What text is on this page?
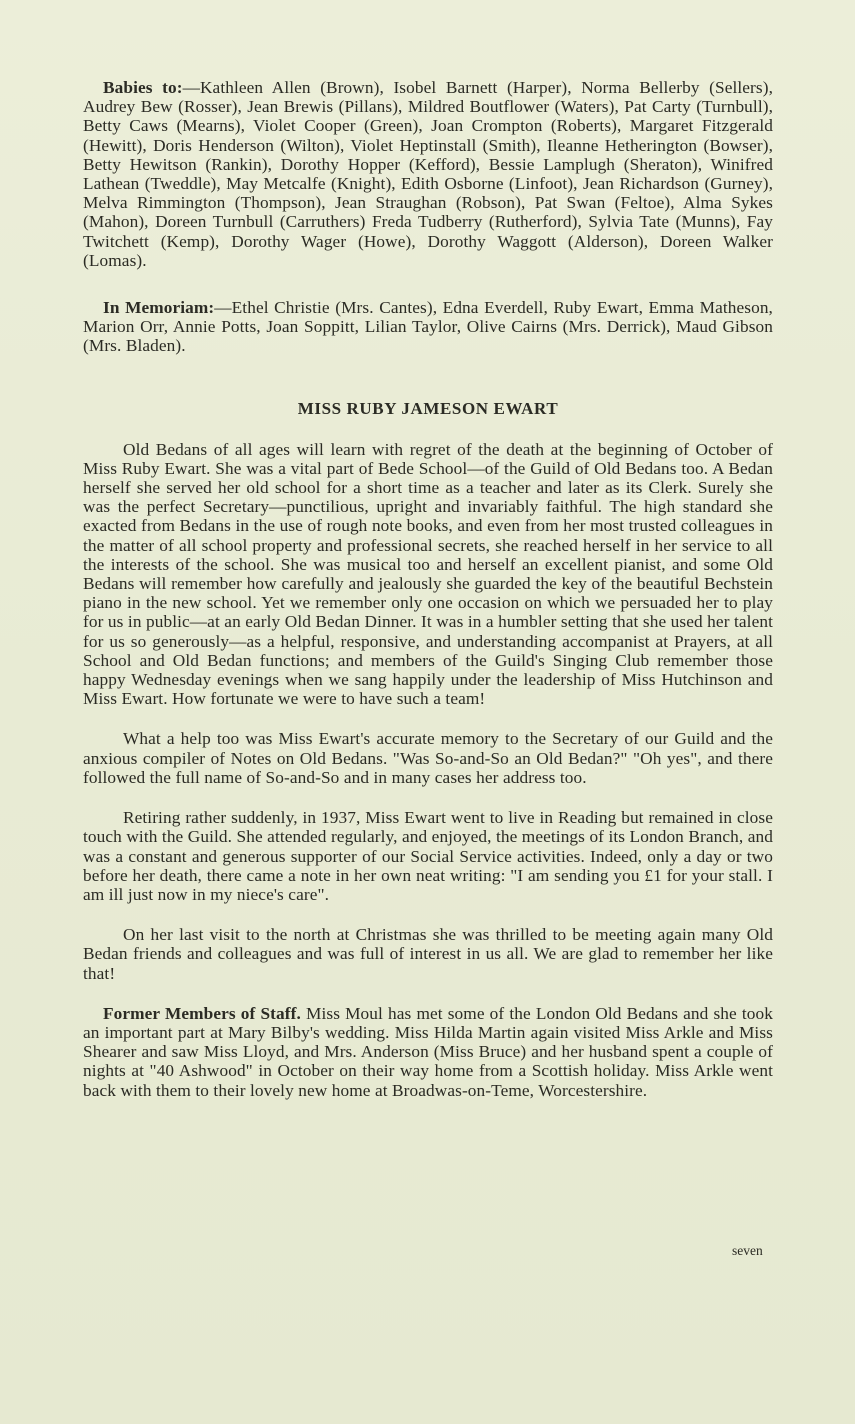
Babies to:—Kathleen Allen (Brown), Isobel Barnett (Harper), Norma Bellerby (Sellers), Audrey Bew (Rosser), Jean Brewis (Pillans), Mildred Boutflower (Waters), Pat Carty (Turnbull), Betty Caws (Mearns), Violet Cooper (Green), Joan Crompton (Roberts), Margaret Fitzgerald (Hewitt), Doris Henderson (Wilton), Violet Heptinstall (Smith), Ileanne Hetherington (Bowser), Betty Hewitson (Rankin), Dorothy Hopper (Kefford), Bessie Lamplugh (Sheraton), Winifred Lathean (Tweddle), May Metcalfe (Knight), Edith Osborne (Linfoot), Jean Richardson (Gurney), Melva Rimmington (Thompson), Jean Straughan (Robson), Pat Swan (Feltoe), Alma Sykes (Mahon), Doreen Turnbull (Carruthers) Freda Tudberry (Rutherford), Sylvia Tate (Munns), Fay Twitchett (Kemp), Dorothy Wager (Howe), Dorothy Waggott (Alderson), Doreen Walker (Lomas).

In Memoriam:—Ethel Christie (Mrs. Cantes), Edna Everdell, Ruby Ewart, Emma Matheson, Marion Orr, Annie Potts, Joan Soppitt, Lilian Taylor, Olive Cairns (Mrs. Derrick), Maud Gibson (Mrs. Bladen).

MISS RUBY JAMESON EWART

Old Bedans of all ages will learn with regret of the death at the beginning of October of Miss Ruby Ewart. She was a vital part of Bede School—of the Guild of Old Bedans too. A Bedan herself she served her old school for a short time as a teacher and later as its Clerk. Surely she was the perfect Secretary—punctilious, upright and invariably faithful. The high standard she exacted from Bedans in the use of rough note books, and even from her most trusted colleagues in the matter of all school property and professional secrets, she reached herself in her service to all the interests of the school. She was musical too and herself an excellent pianist, and some Old Bedans will remember how carefully and jealously she guarded the key of the beautiful Bechstein piano in the new school. Yet we remember only one occasion on which we persuaded her to play for us in public—at an early Old Bedan Dinner. It was in a humbler setting that she used her talent for us so generously—as a helpful, responsive, and understanding accompanist at Prayers, at all School and Old Bedan functions; and members of the Guild's Singing Club remember those happy Wednesday evenings when we sang happily under the leadership of Miss Hutchinson and Miss Ewart. How fortunate we were to have such a team!

What a help too was Miss Ewart's accurate memory to the Secretary of our Guild and the anxious compiler of Notes on Old Bedans. "Was So-and-So an Old Bedan?" "Oh yes", and there followed the full name of So-and-So and in many cases her address too.

Retiring rather suddenly, in 1937, Miss Ewart went to live in Reading but remained in close touch with the Guild. She attended regularly, and enjoyed, the meetings of its London Branch, and was a constant and generous supporter of our Social Service activities. Indeed, only a day or two before her death, there came a note in her own neat writing: "I am sending you £1 for your stall. I am ill just now in my niece's care".

On her last visit to the north at Christmas she was thrilled to be meeting again many Old Bedan friends and colleagues and was full of interest in us all. We are glad to remember her like that!

Former Members of Staff. Miss Moul has met some of the London Old Bedans and she took an important part at Mary Bilby's wedding. Miss Hilda Martin again visited Miss Arkle and Miss Shearer and saw Miss Lloyd, and Mrs. Anderson (Miss Bruce) and her husband spent a couple of nights at "40 Ashwood" in October on their way home from a Scottish holiday. Miss Arkle went back with them to their lovely new home at Broadwas-on-Teme, Worcestershire.

seven
